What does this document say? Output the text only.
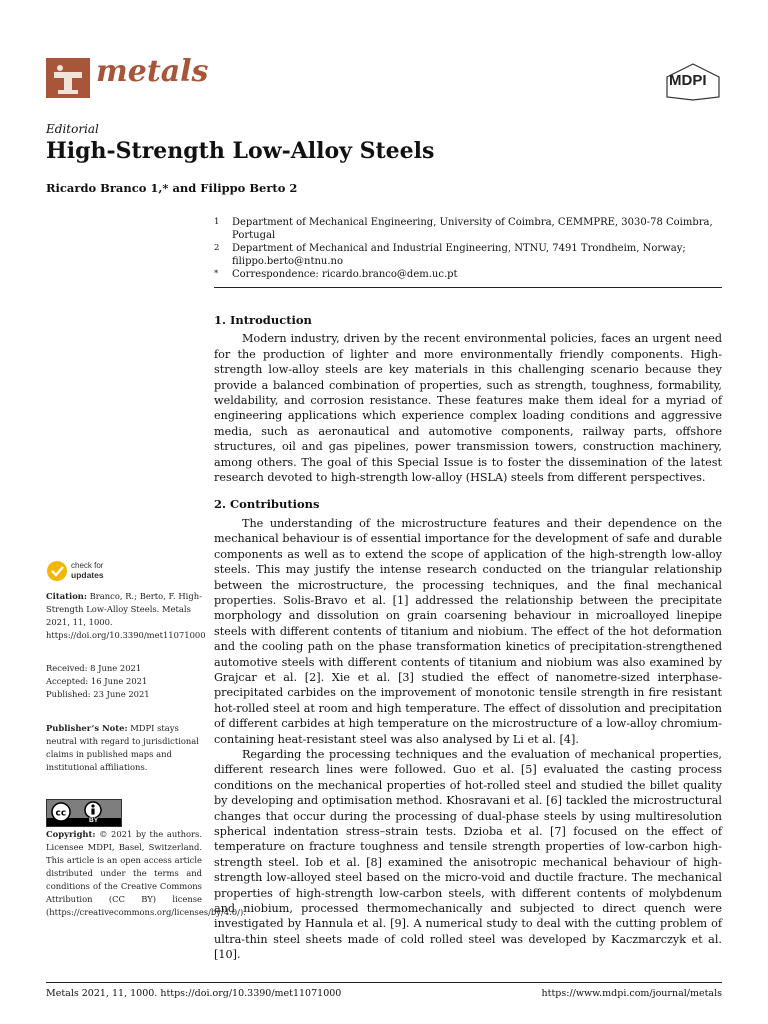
metals	MDPI
Editorial
High-Strength Low-Alloy Steels
Ricardo Branco 1,* and Filippo Berto 2
1	Department of Mechanical Engineering, University of Coimbra, CEMMPRE, 3030-78 Coimbra, Portugal
2	Department of Mechanical and Industrial Engineering, NTNU, 7491 Trondheim, Norway; filippo.berto@ntnu.no
*	Correspondence: ricardo.branco@dem.uc.pt
1. Introduction

Modern industry, driven by the recent environmental policies, faces an urgent need for the production of lighter and more environmentally friendly components. High-strength low-alloy steels are key materials in this challenging scenario because they provide a balanced combination of properties, such as strength, toughness, formability, weldability, and corrosion resistance. These features make them ideal for a myriad of engineering applications which experience complex loading conditions and aggressive media, such as aeronautical and automotive components, railway parts, offshore structures, oil and gas pipelines, power transmission towers, construction machinery, among others. The goal of this Special Issue is to foster the dissemination of the latest research devoted to high-strength low-alloy (HSLA) steels from different perspectives.

2. Contributions

The understanding of the microstructure features and their dependence on the mechanical behaviour is of essential importance for the development of safe and durable components as well as to extend the scope of application of the high-strength low-alloy steels. This may justify the intense research conducted on the triangular relationship between the microstructure, the processing techniques, and the final mechanical properties. Solis-Bravo et al. [1] addressed the relationship between the precipitate morphology and dissolution on grain coarsening behaviour in microalloyed linepipe steels with different contents of titanium and niobium. The effect of the hot deformation and the cooling path on the phase transformation kinetics of precipitation-strengthened automotive steels with different contents of titanium and niobium was also examined by Grajcar et al. [2]. Xie et al. [3] studied the effect of nanometre-sized interphase-precipitated carbides on the improvement of monotonic tensile strength in fire resistant hot-rolled steel at room and high temperature. The effect of dissolution and precipitation of different carbides at high temperature on the microstructure of a low-alloy chromium-containing heat-resistant steel was also analysed by Li et al. [4].

Regarding the processing techniques and the evaluation of mechanical properties, different research lines were followed. Guo et al. [5] evaluated the casting process conditions on the mechanical properties of hot-rolled steel and studied the billet quality by developing and optimisation method. Khosravani et al. [6] tackled the microstructural changes that occur during the processing of dual-phase steels by using multiresolution spherical indentation stress–strain tests. Dzioba et al. [7] focused on the effect of temperature on fracture toughness and tensile strength properties of low-carbon high-strength steel. Iob et al. [8] examined the anisotropic mechanical behaviour of high-strength low-alloyed steel based on the micro-void and ductile fracture. The mechanical properties of high-strength low-carbon steels, with different contents of molybdenum and niobium, processed thermomechanically and subjected to direct quench were investigated by Hannula et al. [9]. A numerical study to deal with the cutting problem of ultra-thin steel sheets made of cold rolled steel was developed by Kaczmarczyk et al. [10].

check for
updates
Citation: Branco, R.; Berto, F. High-Strength Low-Alloy Steels. Metals 2021, 11, 1000. https://doi.org/10.3390/met11071000
Received: 8 June 2021
Accepted: 16 June 2021
Published: 23 June 2021
Publisher’s Note: MDPI stays neutral with regard to jurisdictional claims in published maps and institutional affiliations.
cc
BY
Copyright: © 2021 by the authors. Licensee MDPI, Basel, Switzerland. This article is an open access article distributed under the terms and conditions of the Creative Commons Attribution (CC BY) license (https://creativecommons.org/licenses/by/4.0/).
Metals 2021, 11, 1000. https://doi.org/10.3390/met11071000	https://www.mdpi.com/journal/metals
